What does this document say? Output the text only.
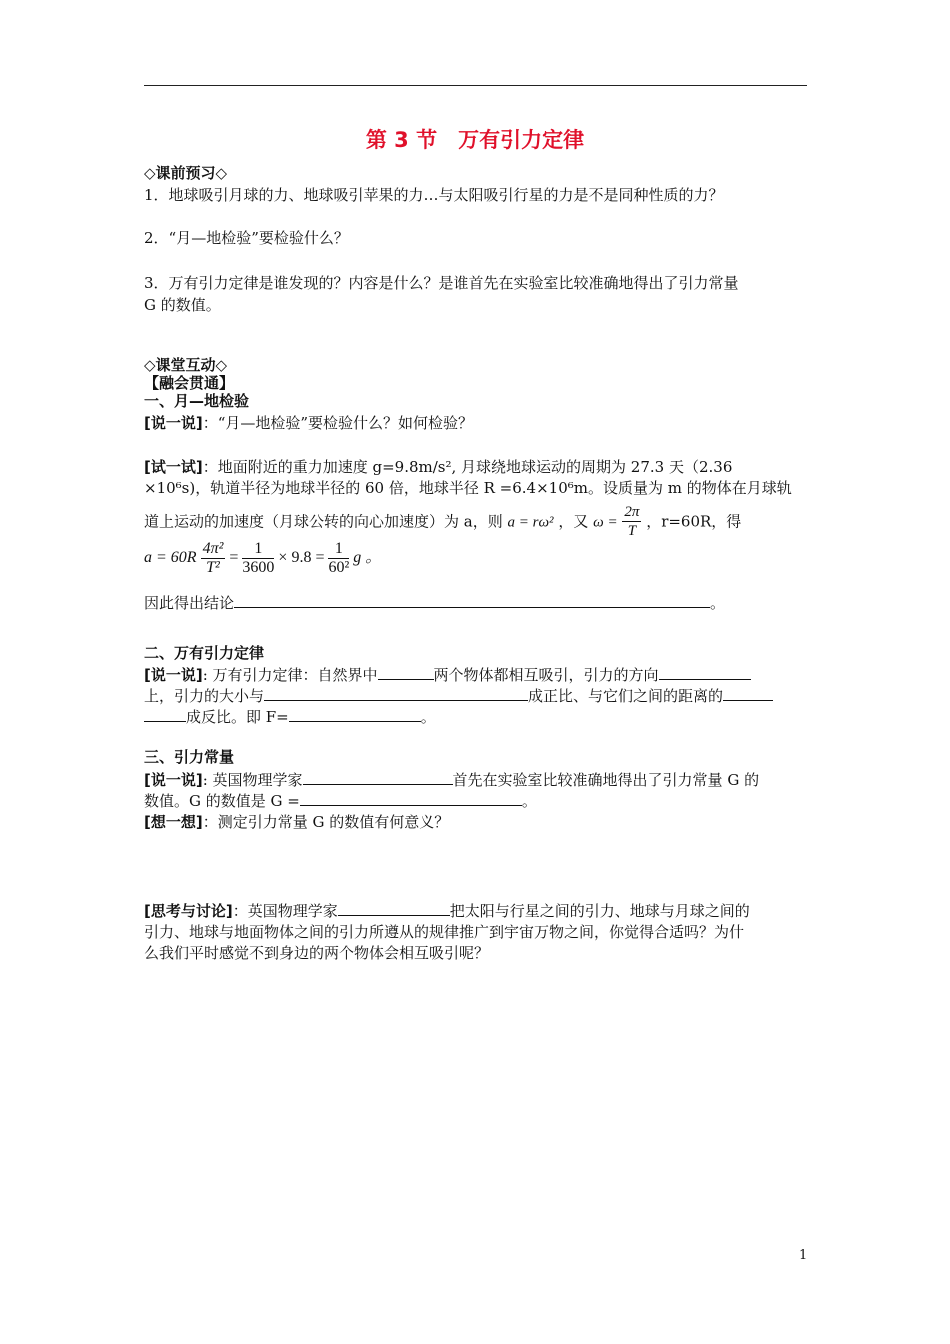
第 3 节　万有引力定律
◇课前预习◇
1．地球吸引月球的力、地球吸引苹果的力…与太阳吸引行星的力是不是同种性质的力？
2．“月—地检验”要检验什么？
3．万有引力定律是谁发现的？内容是什么？是谁首先在实验室比较准确地得出了引力常量
G 的数值。
◇课堂互动◇
【融会贯通】
一、月—地检验
[说一说]：“月—地检验”要检验什么？如何检验？
[试一试]：地面附近的重力加速度 g=9.8m/s², 月球绕地球运动的周期为 27.3 天（2.36
×10⁶s)，轨道半径为地球半径的 60 倍，地球半径 R =6.4×10⁶m。设质量为 m 的物体在月球轨
道上运动的加速度（月球公转的向心加速度）为 a，则 a = rω² ，又 $\omega = \frac{2\pi}{T}$ ，r=60R，得
$a = 60R \frac{\text{4π²}}{\text{T²}} = \frac{1}{3600} \times 9.8 = \frac{1}{\text{60²}}$ g 。
因此得出结论	。
二、万有引力定律
[说一说]: 万有引力定律：自然界中	两个物体都相互吸引，引力的方向
上，引力的大小与	成正比、与它们之间的距离的
成反比。即 F=	。
三、引力常量
[说一说]: 英国物理学家	首先在实验室比较准确地得出了引力常量 G 的
数值。G 的数值是 G =	。
[想一想]：测定引力常量 G 的数值有何意义？
[思考与讨论]：英国物理学家	把太阳与行星之间的引力、地球与月球之间的
引力、地球与地面物体之间的引力所遵从的规律推广到宇宙万物之间，你觉得合适吗？为什
么我们平时感觉不到身边的两个物体会相互吸引呢？
1
